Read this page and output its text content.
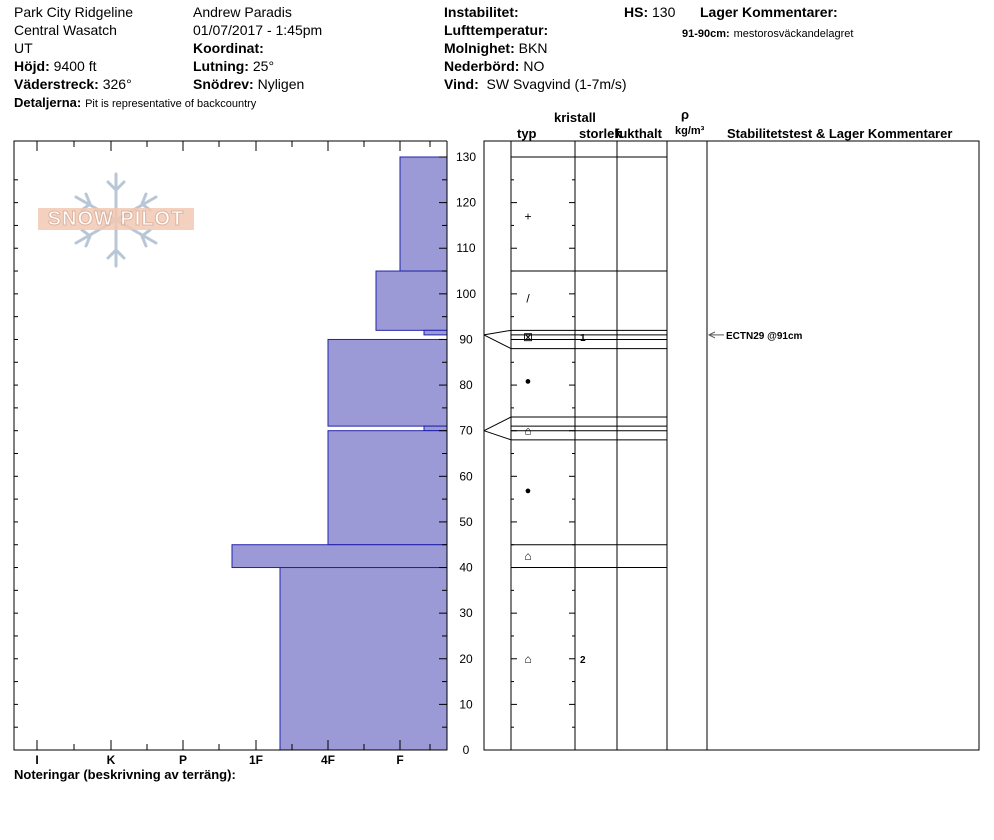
Park City Ridgeline
Central Wasatch
UT
Höjd: 9400 ft
Väderstreck: 326°
Detaljerna: Pit is representative of backcountry
Andrew Paradis
01/07/2017 - 1:45pm
Koordinat:
Lutning: 25°
Snödrev: Nyligen
Instabilitet:
Lufttemperatur:
Molnighet: BKN
Nederbörd: NO
Vind: SW Svagvind (1-7m/s)
HS: 130 Lager Kommentarer:
91-90cm: mestorosväckandelagret
kristall
typ	storlek
fukthalt
ρ
kg/m³ Stabilitetstest & Lager Kommentarer
Noteringar (beskrivning av terräng):
SNOW PILOT
I	K	P	1F	4F	F
0
10
20
30
40
50
60
70
80
90
100
110
120
130
+
/
⊠	1
●
⌂
●
⌂
⌂	2
ECTN29 @91cm
